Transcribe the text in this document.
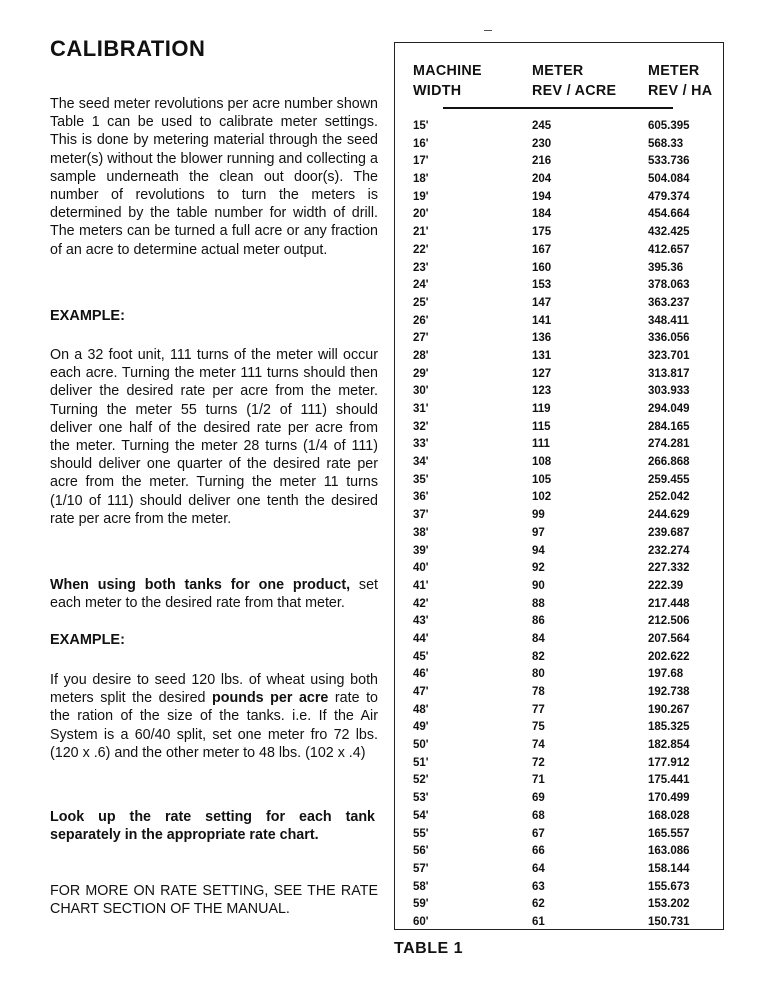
CALIBRATION

The seed meter revolutions per acre number shown Table 1 can be used to calibrate meter settings. This is done by metering material through the seed meter(s) without the blower running and collecting a sample underneath the clean out door(s). The number of revolutions to turn the meters is determined by the table number for width of drill. The meters can be turned a full acre or any fraction of an acre to determine actual meter output.

EXAMPLE:

On a 32 foot unit, 111 turns of the meter will occur each acre. Turning the meter 111 turns should then deliver the desired rate per acre from the meter. Turning the meter 55 turns (1/2 of 111) should deliver one half of the desired rate per acre from the meter. Turning the meter 28 turns (1/4 of 111) should deliver one quarter of the desired rate per acre from the meter. Turning the meter 11 turns (1/10 of 111) should deliver one tenth the desired rate per acre from the meter.

When using both tanks for one product, set each meter to the desired rate from that meter.

EXAMPLE:

If you desire to seed 120 lbs. of wheat using both meters split the desired pounds per acre rate to the ration of the size of the tanks. i.e. If the Air System is a 60/40 split, set one meter fro 72 lbs. (120 x .6) and the other meter to 48 lbs. (102 x .4)

Look up the rate setting for each tank separately in the appropriate rate chart.

FOR MORE ON RATE SETTING, SEE THE RATE CHART SECTION OF THE MANUAL.

MACHINE
WIDTH
METER
REV / ACRE
METER
REV / HA
15'	245	605.395
16'	230	568.33
17'	216	533.736
18'	204	504.084
19'	194	479.374
20'	184	454.664
21'	175	432.425
22'	167	412.657
23'	160	395.36
24'	153	378.063
25'	147	363.237
26'	141	348.411
27'	136	336.056
28'	131	323.701
29'	127	313.817
30'	123	303.933
31'	119	294.049
32'	115	284.165
33'	111	274.281
34'	108	266.868
35'	105	259.455
36'	102	252.042
37'	99	244.629
38'	97	239.687
39'	94	232.274
40'	92	227.332
41'	90	222.39
42'	88	217.448
43'	86	212.506
44'	84	207.564
45'	82	202.622
46'	80	197.68
47'	78	192.738
48'	77	190.267
49'	75	185.325
50'	74	182.854
51'	72	177.912
52'	71	175.441
53'	69	170.499
54'	68	168.028
55'	67	165.557
56'	66	163.086
57'	64	158.144
58'	63	155.673
59'	62	153.202
60'	61	150.731
TABLE 1
